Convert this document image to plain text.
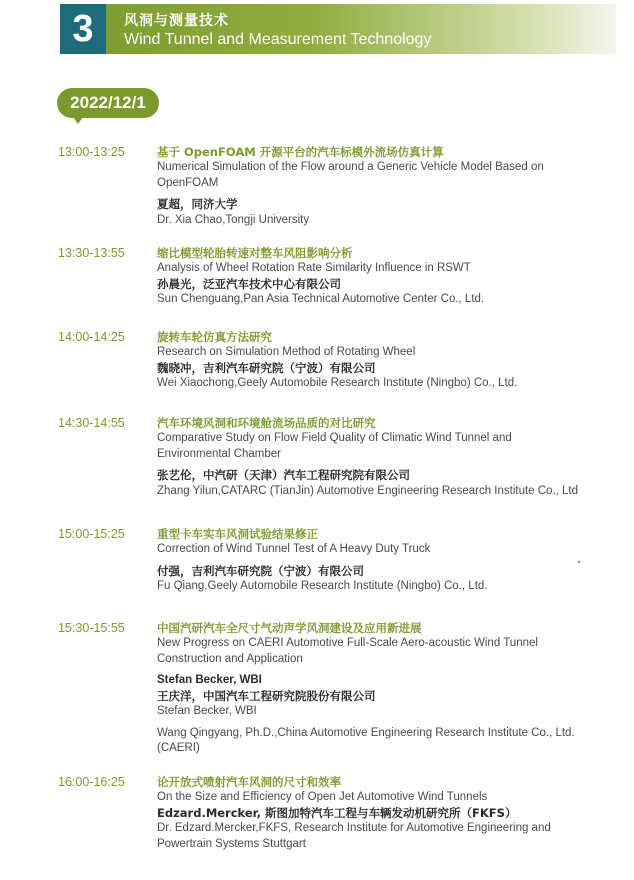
3	风洞与测量技术
Wind Tunnel and Measurement Technology
2022/12/1
13:00-13:25	基于 OpenFOAM 开源平台的汽车标模外流场仿真计算
Numerical Simulation of the Flow around a Generic Vehicle Model Based on OpenFOAM
夏超，同济大学
Dr. Xia Chao,Tongji University
13:30-13:55	缩比模型轮胎转速对整车风阻影响分析
Analysis of Wheel Rotation Rate Similarity Influence in RSWT
孙晨光，泛亚汽车技术中心有限公司
Sun Chenguang,Pan Asia Technical Automotive Center Co., Ltd.
14:00-14:25	旋转车轮仿真方法研究
Research on Simulation Method of Rotating Wheel
魏晓冲，吉利汽车研究院（宁波）有限公司
Wei Xiaochong,Geely Automobile Research Institute (Ningbo) Co., Ltd.
14:30-14:55	汽车环境风洞和环境舱流场品质的对比研究
Comparative Study on Flow Field Quality of Climatic Wind Tunnel and Environmental Chamber
张艺伦，中汽研（天津）汽车工程研究院有限公司
Zhang Yilun,CATARC (TianJin) Automotive Engineering Research Institute Co., Ltd
15:00-15:25	重型卡车实车风洞试验结果修正
Correction of Wind Tunnel Test of A Heavy Duty Truck
付强，吉利汽车研究院（宁波）有限公司
Fu Qiang,Geely Automobile Research Institute (Ningbo) Co., Ltd.
15:30-15:55	中国汽研汽车全尺寸气动声学风洞建设及应用新进展
New Progress on CAERI Automotive Full-Scale Aero-acoustic Wind Tunnel Construction and Application
Stefan Becker, WBI
王庆洋，中国汽车工程研究院股份有限公司
Stefan Becker, WBI
Wang Qingyang, Ph.D.,China Automotive Engineering Research Institute Co., Ltd. (CAERI)
16:00-16:25	论开放式喷射汽车风洞的尺寸和效率
On the Size and Efficiency of Open Jet Automotive Wind Tunnels
Edzard.Mercker, 斯图加特汽车工程与车辆发动机研究所（FKFS）
Dr. Edzard.Mercker,FKFS, Research Institute for Automotive Engineering and Powertrain Systems Stuttgart
